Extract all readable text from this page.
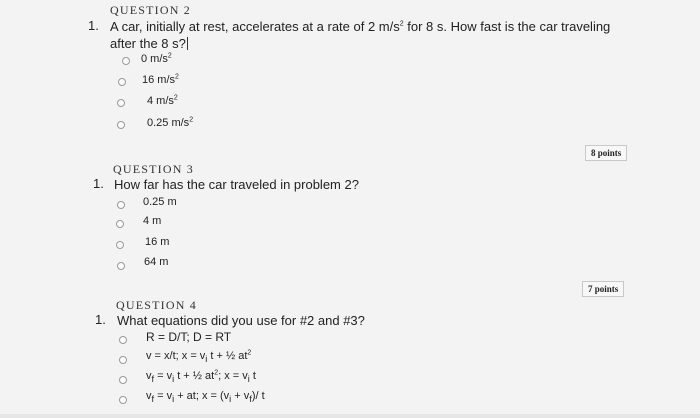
QUESTION 2
1. A car, initially at rest, accelerates at a rate of 2 $m/s^2$ for 8 s. How fast is the car traveling
after the 8 s?
0 $m/s^2$
16 $m/s^2$
4 $m/s^2$
0.25 $m/s^2$
8 points
QUESTION 3
1. How far has the car traveled in problem 2?
0.25 m
4 m
16 m
64 m
7 points
QUESTION 4
1. What equations did you use for #2 and #3?
R = D/T; D = RT
v = x/t; $x = v_i$ t + ½ $at^2$
$v_f = v_i$ t + ½ $at^2$; $x = v_i$ t
$v_f = v_i$ + at; $x = (v_i + v_f)/$ t
